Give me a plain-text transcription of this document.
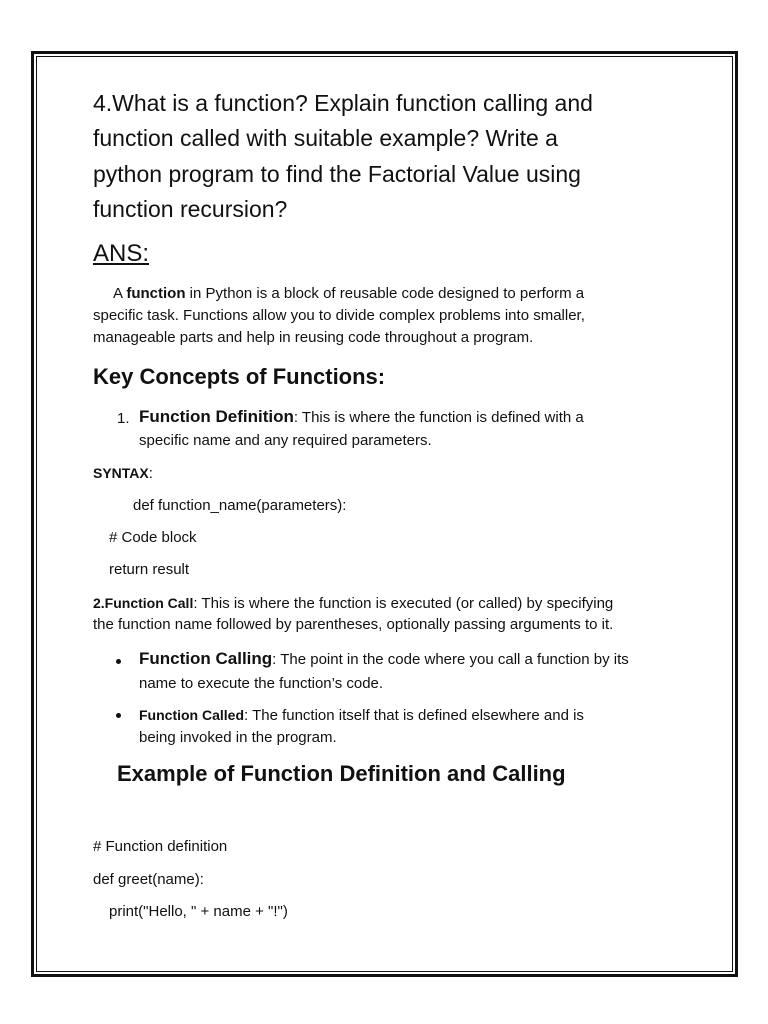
4.What is a function? Explain function calling and
function called with suitable example? Write a
python program to find the Factorial Value using
function recursion?
ANS:
A function in Python is a block of reusable code designed to perform a
specific task. Functions allow you to divide complex problems into smaller,
manageable parts and help in reusing code throughout a program.
Key Concepts of Functions:
1. Function Definition: This is where the function is defined with a
specific name and any required parameters.
SYNTAX:
def function_name(parameters):
# Code block
return result
2.Function Call: This is where the function is executed (or called) by specifying
the function name followed by parentheses, optionally passing arguments to it.
Function Calling: The point in the code where you call a function by its
name to execute the function’s code.
Function Called: The function itself that is defined elsewhere and is
being invoked in the program.
Example of Function Definition and Calling
# Function definition
def greet(name):
print("Hello, " + name + "!")
